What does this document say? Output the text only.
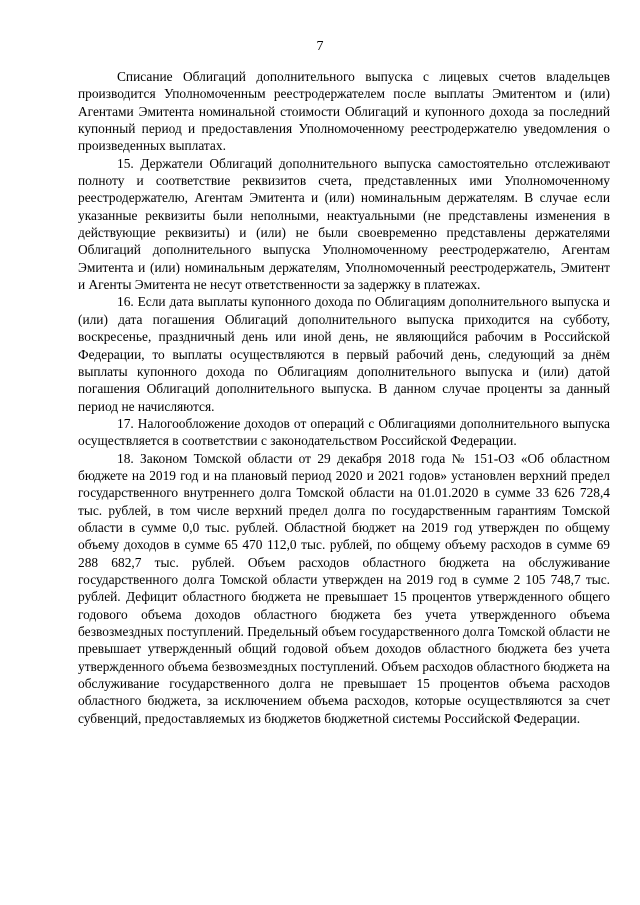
7

Списание Облигаций дополнительного выпуска с лицевых счетов владельцев производится Уполномоченным реестродержателем после выплаты Эмитентом и (или) Агентами Эмитента номинальной стоимости Облигаций и купонного дохода за последний купонный период и предоставления Уполномоченному реестродержателю уведомления о произведенных выплатах.

15. Держатели Облигаций дополнительного выпуска самостоятельно отслеживают полноту и соответствие реквизитов счета, представленных ими Уполномоченному реестродержателю, Агентам Эмитента и (или) номинальным держателям. В случае если указанные реквизиты были неполными, неактуальными (не представлены изменения в действующие реквизиты) и (или) не были своевременно представлены держателями Облигаций дополнительного выпуска Уполномоченному реестродержателю, Агентам Эмитента и (или) номинальным держателям, Уполномоченный реестродержатель, Эмитент и Агенты Эмитента не несут ответственности за задержку в платежах.

16. Если дата выплаты купонного дохода по Облигациям дополнительного выпуска и (или) дата погашения Облигаций дополнительного выпуска приходится на субботу, воскресенье, праздничный день или иной день, не являющийся рабочим в Российской Федерации, то выплаты осуществляются в первый рабочий день, следующий за днём выплаты купонного дохода по Облигациям дополнительного выпуска и (или) датой погашения Облигаций дополнительного выпуска. В данном случае проценты за данный период не начисляются.

17. Налогообложение доходов от операций с Облигациями дополнительного выпуска осуществляется в соответствии с законодательством Российской Федерации.

18. Законом Томской области от 29 декабря 2018 года № 151-ОЗ «Об областном бюджете на 2019 год и на плановый период 2020 и 2021 годов» установлен верхний предел государственного внутреннего долга Томской области на 01.01.2020 в сумме 33 626 728,4 тыс. рублей, в том числе верхний предел долга по государственным гарантиям Томской области в сумме 0,0 тыс. рублей. Областной бюджет на 2019 год утвержден по общему объему доходов в сумме 65 470 112,0 тыс. рублей, по общему объему расходов в сумме 69 288 682,7 тыс. рублей. Объем расходов областного бюджета на обслуживание государственного долга Томской области утвержден на 2019 год в сумме 2 105 748,7 тыс. рублей. Дефицит областного бюджета не превышает 15 процентов утвержденного общего годового объема доходов областного бюджета без учета утвержденного объема безвозмездных поступлений. Предельный объем государственного долга Томской области не превышает утвержденный общий годовой объем доходов областного бюджета без учета утвержденного объема безвозмездных поступлений. Объем расходов областного бюджета на обслуживание государственного долга не превышает 15 процентов объема расходов областного бюджета, за исключением объема расходов, которые осуществляются за счет субвенций, предоставляемых из бюджетов бюджетной системы Российской Федерации.
